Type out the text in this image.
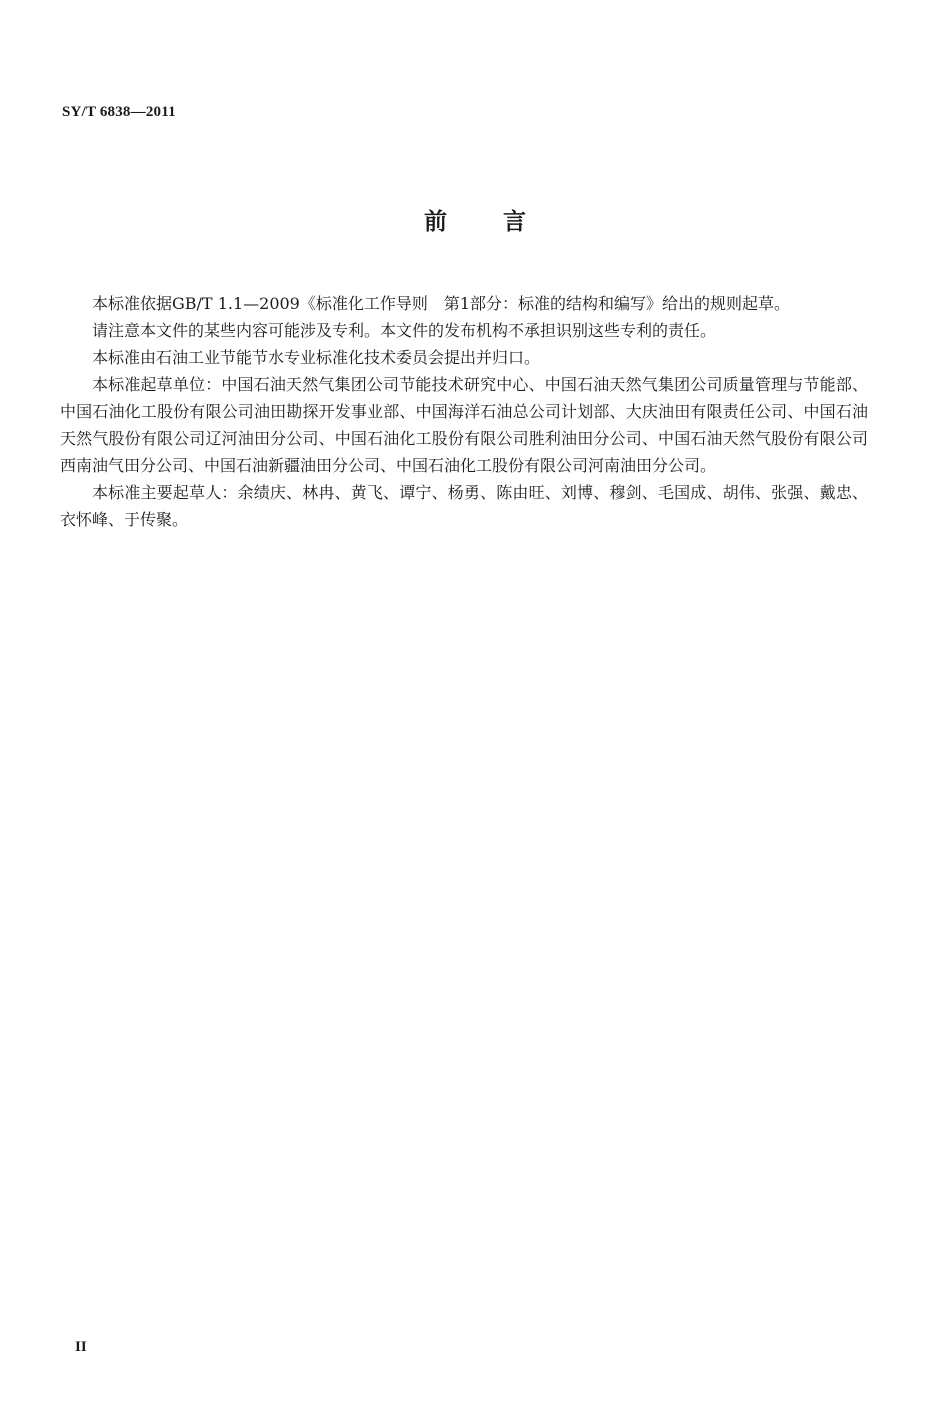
SY/T 6838—2011
前言

本标准依据GB/T 1.1—2009《标准化工作导则　第1部分：标准的结构和编写》给出的规则起草。

请注意本文件的某些内容可能涉及专利。本文件的发布机构不承担识别这些专利的责任。

本标准由石油工业节能节水专业标准化技术委员会提出并归口。

本标准起草单位：中国石油天然气集团公司节能技术研究中心、中国石油天然气集团公司质量管理与节能部、中国石油化工股份有限公司油田勘探开发事业部、中国海洋石油总公司计划部、大庆油田有限责任公司、中国石油天然气股份有限公司辽河油田分公司、中国石油化工股份有限公司胜利油田分公司、中国石油天然气股份有限公司西南油气田分公司、中国石油新疆油田分公司、中国石油化工股份有限公司河南油田分公司。

本标准主要起草人：余绩庆、林冉、黄飞、谭宁、杨勇、陈由旺、刘博、穆剑、毛国成、胡伟、张强、戴忠、衣怀峰、于传聚。

II
